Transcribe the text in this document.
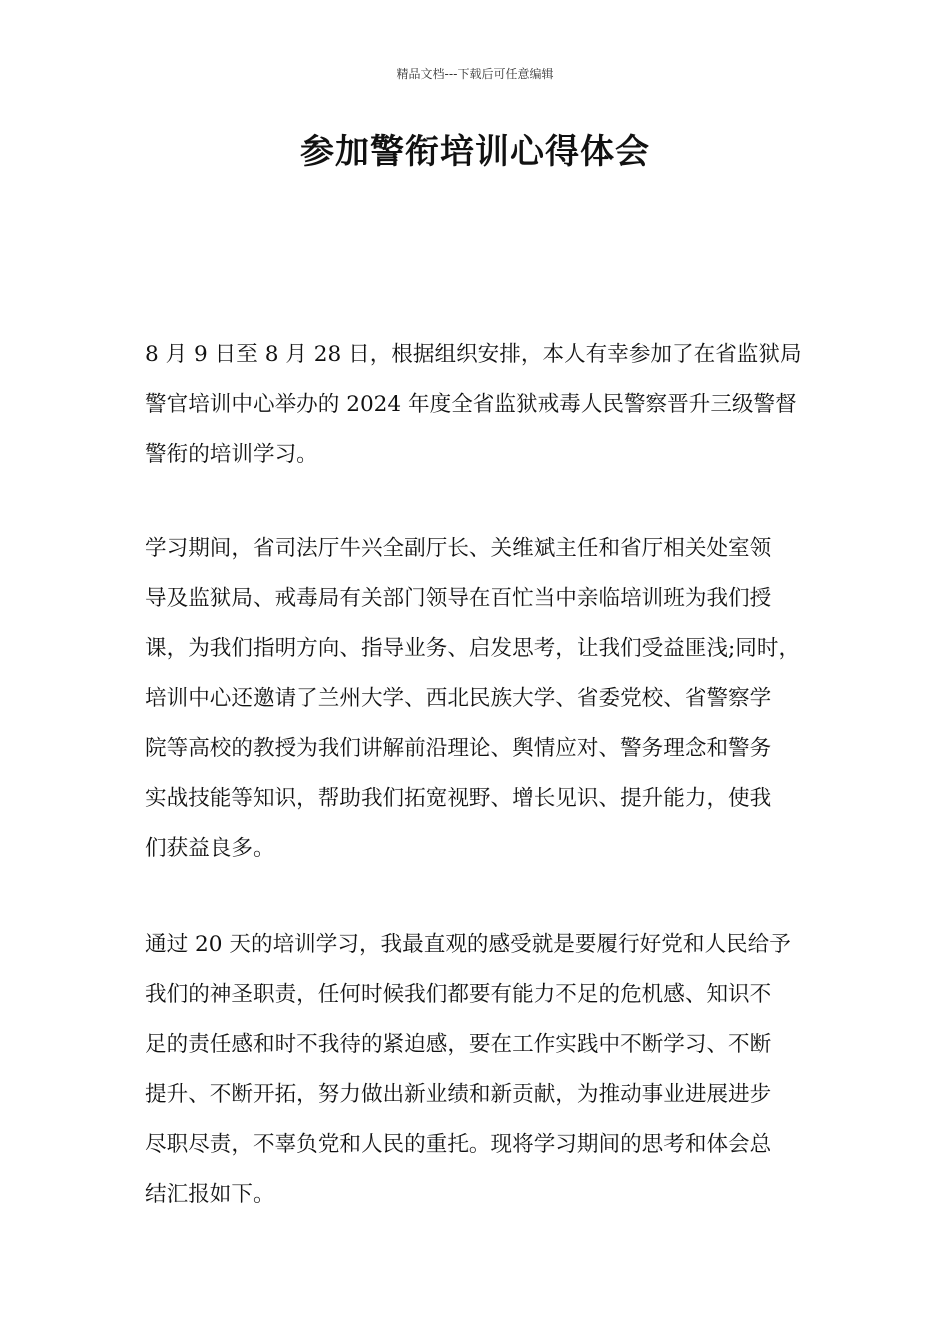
精品文档---下载后可任意编辑
参加警衔培训心得体会
8 月 9 日至 8 月 28 日，根据组织安排，本人有幸参加了在省监狱局
警官培训中心举办的 2024 年度全省监狱戒毒人民警察晋升三级警督
警衔的培训学习。
学习期间，省司法厅牛兴全副厅长、关维斌主任和省厅相关处室领
导及监狱局、戒毒局有关部门领导在百忙当中亲临培训班为我们授
课，为我们指明方向、指导业务、启发思考，让我们受益匪浅;同时，
培训中心还邀请了兰州大学、西北民族大学、省委党校、省警察学
院等高校的教授为我们讲解前沿理论、舆情应对、警务理念和警务
实战技能等知识，帮助我们拓宽视野、增长见识、提升能力，使我
们获益良多。
通过 20 天的培训学习，我最直观的感受就是要履行好党和人民给予
我们的神圣职责，任何时候我们都要有能力不足的危机感、知识不
足的责任感和时不我待的紧迫感，要在工作实践中不断学习、不断
提升、不断开拓，努力做出新业绩和新贡献，为推动事业进展进步
尽职尽责，不辜负党和人民的重托。现将学习期间的思考和体会总
结汇报如下。
